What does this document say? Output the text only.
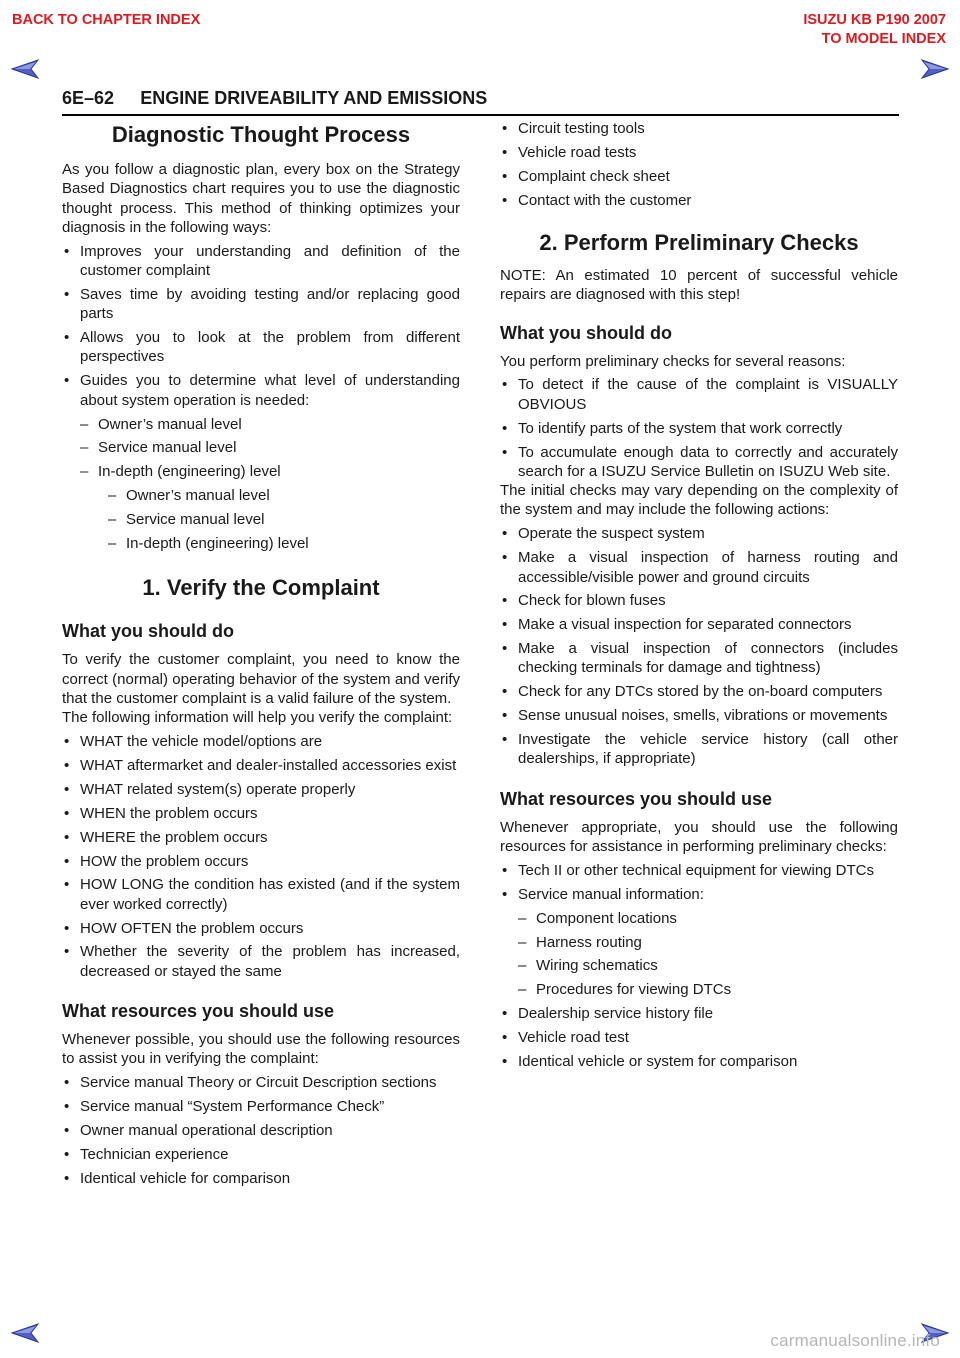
BACK TO CHAPTER INDEX	ISUZU KB P190 2007
TO MODEL INDEX
6E–62 ENGINE DRIVEABILITY AND EMISSIONS
Diagnostic Thought Process

As you follow a diagnostic plan, every box on the Strategy Based Diagnostics chart requires you to use the diagnostic thought process. This method of thinking optimizes your diagnosis in the following ways:

• Improves your understanding and definition of the customer complaint
• Saves time by avoiding testing and/or replacing good parts
• Allows you to look at the problem from different perspectives
• Guides you to determine what level of understanding about system operation is needed:
– Owner’s manual level
– Service manual level
– In-depth (engineering) level
– Owner’s manual level
– Service manual level
– In-depth (engineering) level
1. Verify the Complaint
What you should do

To verify the customer complaint, you need to know the correct (normal) operating behavior of the system and verify that the customer complaint is a valid failure of the system.

The following information will help you verify the complaint:

• WHAT the vehicle model/options are
• WHAT aftermarket and dealer-installed accessories exist
• WHAT related system(s) operate properly
• WHEN the problem occurs
• WHERE the problem occurs
• HOW the problem occurs
• HOW LONG the condition has existed (and if the system ever worked correctly)
• HOW OFTEN the problem occurs
• Whether the severity of the problem has increased, decreased or stayed the same
What resources you should use

Whenever possible, you should use the following resources to assist you in verifying the complaint:

• Service manual Theory or Circuit Description sections
• Service manual “System Performance Check”
• Owner manual operational description
• Technician experience
• Identical vehicle for comparison
• Circuit testing tools
• Vehicle road tests
• Complaint check sheet
• Contact with the customer
2. Perform Preliminary Checks

NOTE: An estimated 10 percent of successful vehicle repairs are diagnosed with this step!

What you should do

You perform preliminary checks for several reasons:

• To detect if the cause of the complaint is VISUALLY OBVIOUS
• To identify parts of the system that work correctly
• To accumulate enough data to correctly and accurately search for a ISUZU Service Bulletin on ISUZU Web site.

The initial checks may vary depending on the complexity of the system and may include the following actions:

• Operate the suspect system
• Make a visual inspection of harness routing and accessible/visible power and ground circuits
• Check for blown fuses
• Make a visual inspection for separated connectors
• Make a visual inspection of connectors (includes checking terminals for damage and tightness)
• Check for any DTCs stored by the on-board computers
• Sense unusual noises, smells, vibrations or movements
• Investigate the vehicle service history (call other dealerships, if appropriate)
What resources you should use

Whenever appropriate, you should use the following resources for assistance in performing preliminary checks:

• Tech II or other technical equipment for viewing DTCs
• Service manual information:
– Component locations
– Harness routing
– Wiring schematics
– Procedures for viewing DTCs
• Dealership service history file
• Vehicle road test
• Identical vehicle or system for comparison
carmanualsonline.info
